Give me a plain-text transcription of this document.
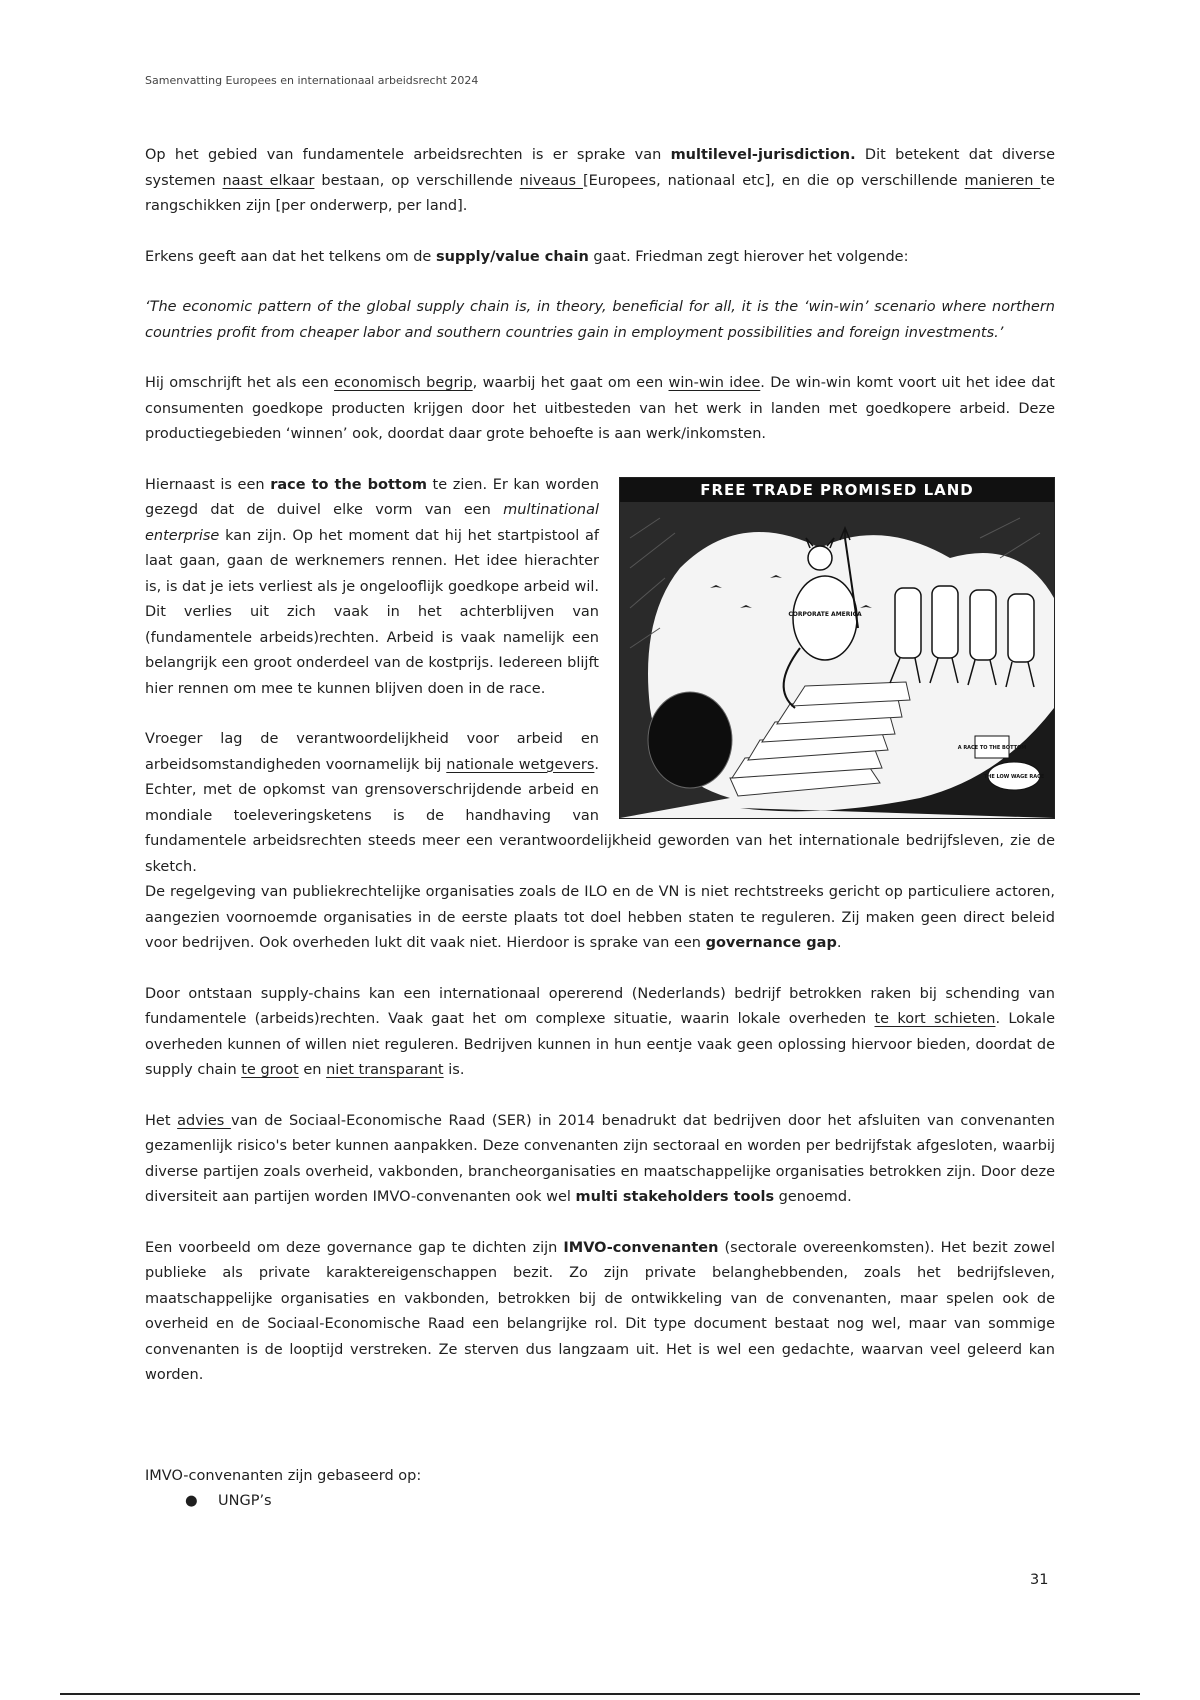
Samenvatting Europees en internationaal arbeidsrecht 2024

Op het gebied van fundamentele arbeidsrechten is er sprake van multilevel-jurisdiction. Dit betekent dat diverse systemen naast elkaar bestaan, op verschillende niveaus [Europees, nationaal etc], en die op verschillende manieren te rangschikken zijn [per onderwerp, per land].

Erkens geeft aan dat het telkens om de supply/value chain gaat. Friedman zegt hierover het volgende:

‘The economic pattern of the global supply chain is, in theory, beneficial for all, it is the ‘win-win’ scenario where northern countries profit from cheaper labor and southern countries gain in employment possibilities and foreign investments.’

Hij omschrijft het als een economisch begrip, waarbij het gaat om een win-win idee. De win-win komt voort uit het idee dat consumenten goedkope producten krijgen door het uitbesteden van het werk in landen met goedkopere arbeid. Deze productiegebieden ‘winnen’ ook, doordat daar grote behoefte is aan werk/inkomsten.

FREE TRADE PROMISED LAND
CORPORATE AMERICA
A RACE TO THE BOTTOM
THE LOW WAGE RACE

Hiernaast is een race to the bottom te zien. Er kan worden gezegd dat de duivel elke vorm van een multinational enterprise kan zijn. Op het moment dat hij het startpistool af laat gaan, gaan de werknemers rennen. Het idee hierachter is, is dat je iets verliest als je ongelooflijk goedkope arbeid wil. Dit verlies uit zich vaak in het achterblijven van (fundamentele arbeids)rechten. Arbeid is vaak namelijk een belangrijk een groot onderdeel van de kostprijs. Iedereen blijft hier rennen om mee te kunnen blijven doen in de race.

Vroeger lag de verantwoordelijkheid voor arbeid en arbeidsomstandigheden voornamelijk bij nationale wetgevers. Echter, met de opkomst van grensoverschrijdende arbeid en mondiale toeleveringsketens is de handhaving van fundamentele arbeidsrechten steeds meer een verantwoordelijkheid geworden van het internationale bedrijfsleven, zie de sketch.

De regelgeving van publiekrechtelijke organisaties zoals de ILO en de VN is niet rechtstreeks gericht op particuliere actoren, aangezien voornoemde organisaties in de eerste plaats tot doel hebben staten te reguleren. Zij maken geen direct beleid voor bedrijven. Ook overheden lukt dit vaak niet. Hierdoor is sprake van een governance gap.

Door ontstaan supply-chains kan een internationaal opererend (Nederlands) bedrijf betrokken raken bij schending van fundamentele (arbeids)rechten. Vaak gaat het om complexe situatie, waarin lokale overheden te kort schieten. Lokale overheden kunnen of willen niet reguleren. Bedrijven kunnen in hun eentje vaak geen oplossing hiervoor bieden, doordat de supply chain te groot en niet transparant is.

Het advies van de Sociaal-Economische Raad (SER) in 2014 benadrukt dat bedrijven door het afsluiten van convenanten gezamenlijk risico's beter kunnen aanpakken. Deze convenanten zijn sectoraal en worden per bedrijfstak afgesloten, waarbij diverse partijen zoals overheid, vakbonden, brancheorganisaties en maatschappelijke organisaties betrokken zijn. Door deze diversiteit aan partijen worden IMVO-convenanten ook wel multi stakeholders tools genoemd.

Een voorbeeld om deze governance gap te dichten zijn IMVO-convenanten (sectorale overeenkomsten). Het bezit zowel publieke als private karaktereigenschappen bezit. Zo zijn private belanghebbenden, zoals het bedrijfsleven, maatschappelijke organisaties en vakbonden, betrokken bij de ontwikkeling van de convenanten, maar spelen ook de overheid en de Sociaal-Economische Raad een belangrijke rol. Dit type document bestaat nog wel, maar van sommige convenanten is de looptijd verstreken. Ze sterven dus langzaam uit. Het is wel een gedachte, waarvan veel geleerd kan worden.

IMVO-convenanten zijn gebaseerd op:

● UNGP’s
31
